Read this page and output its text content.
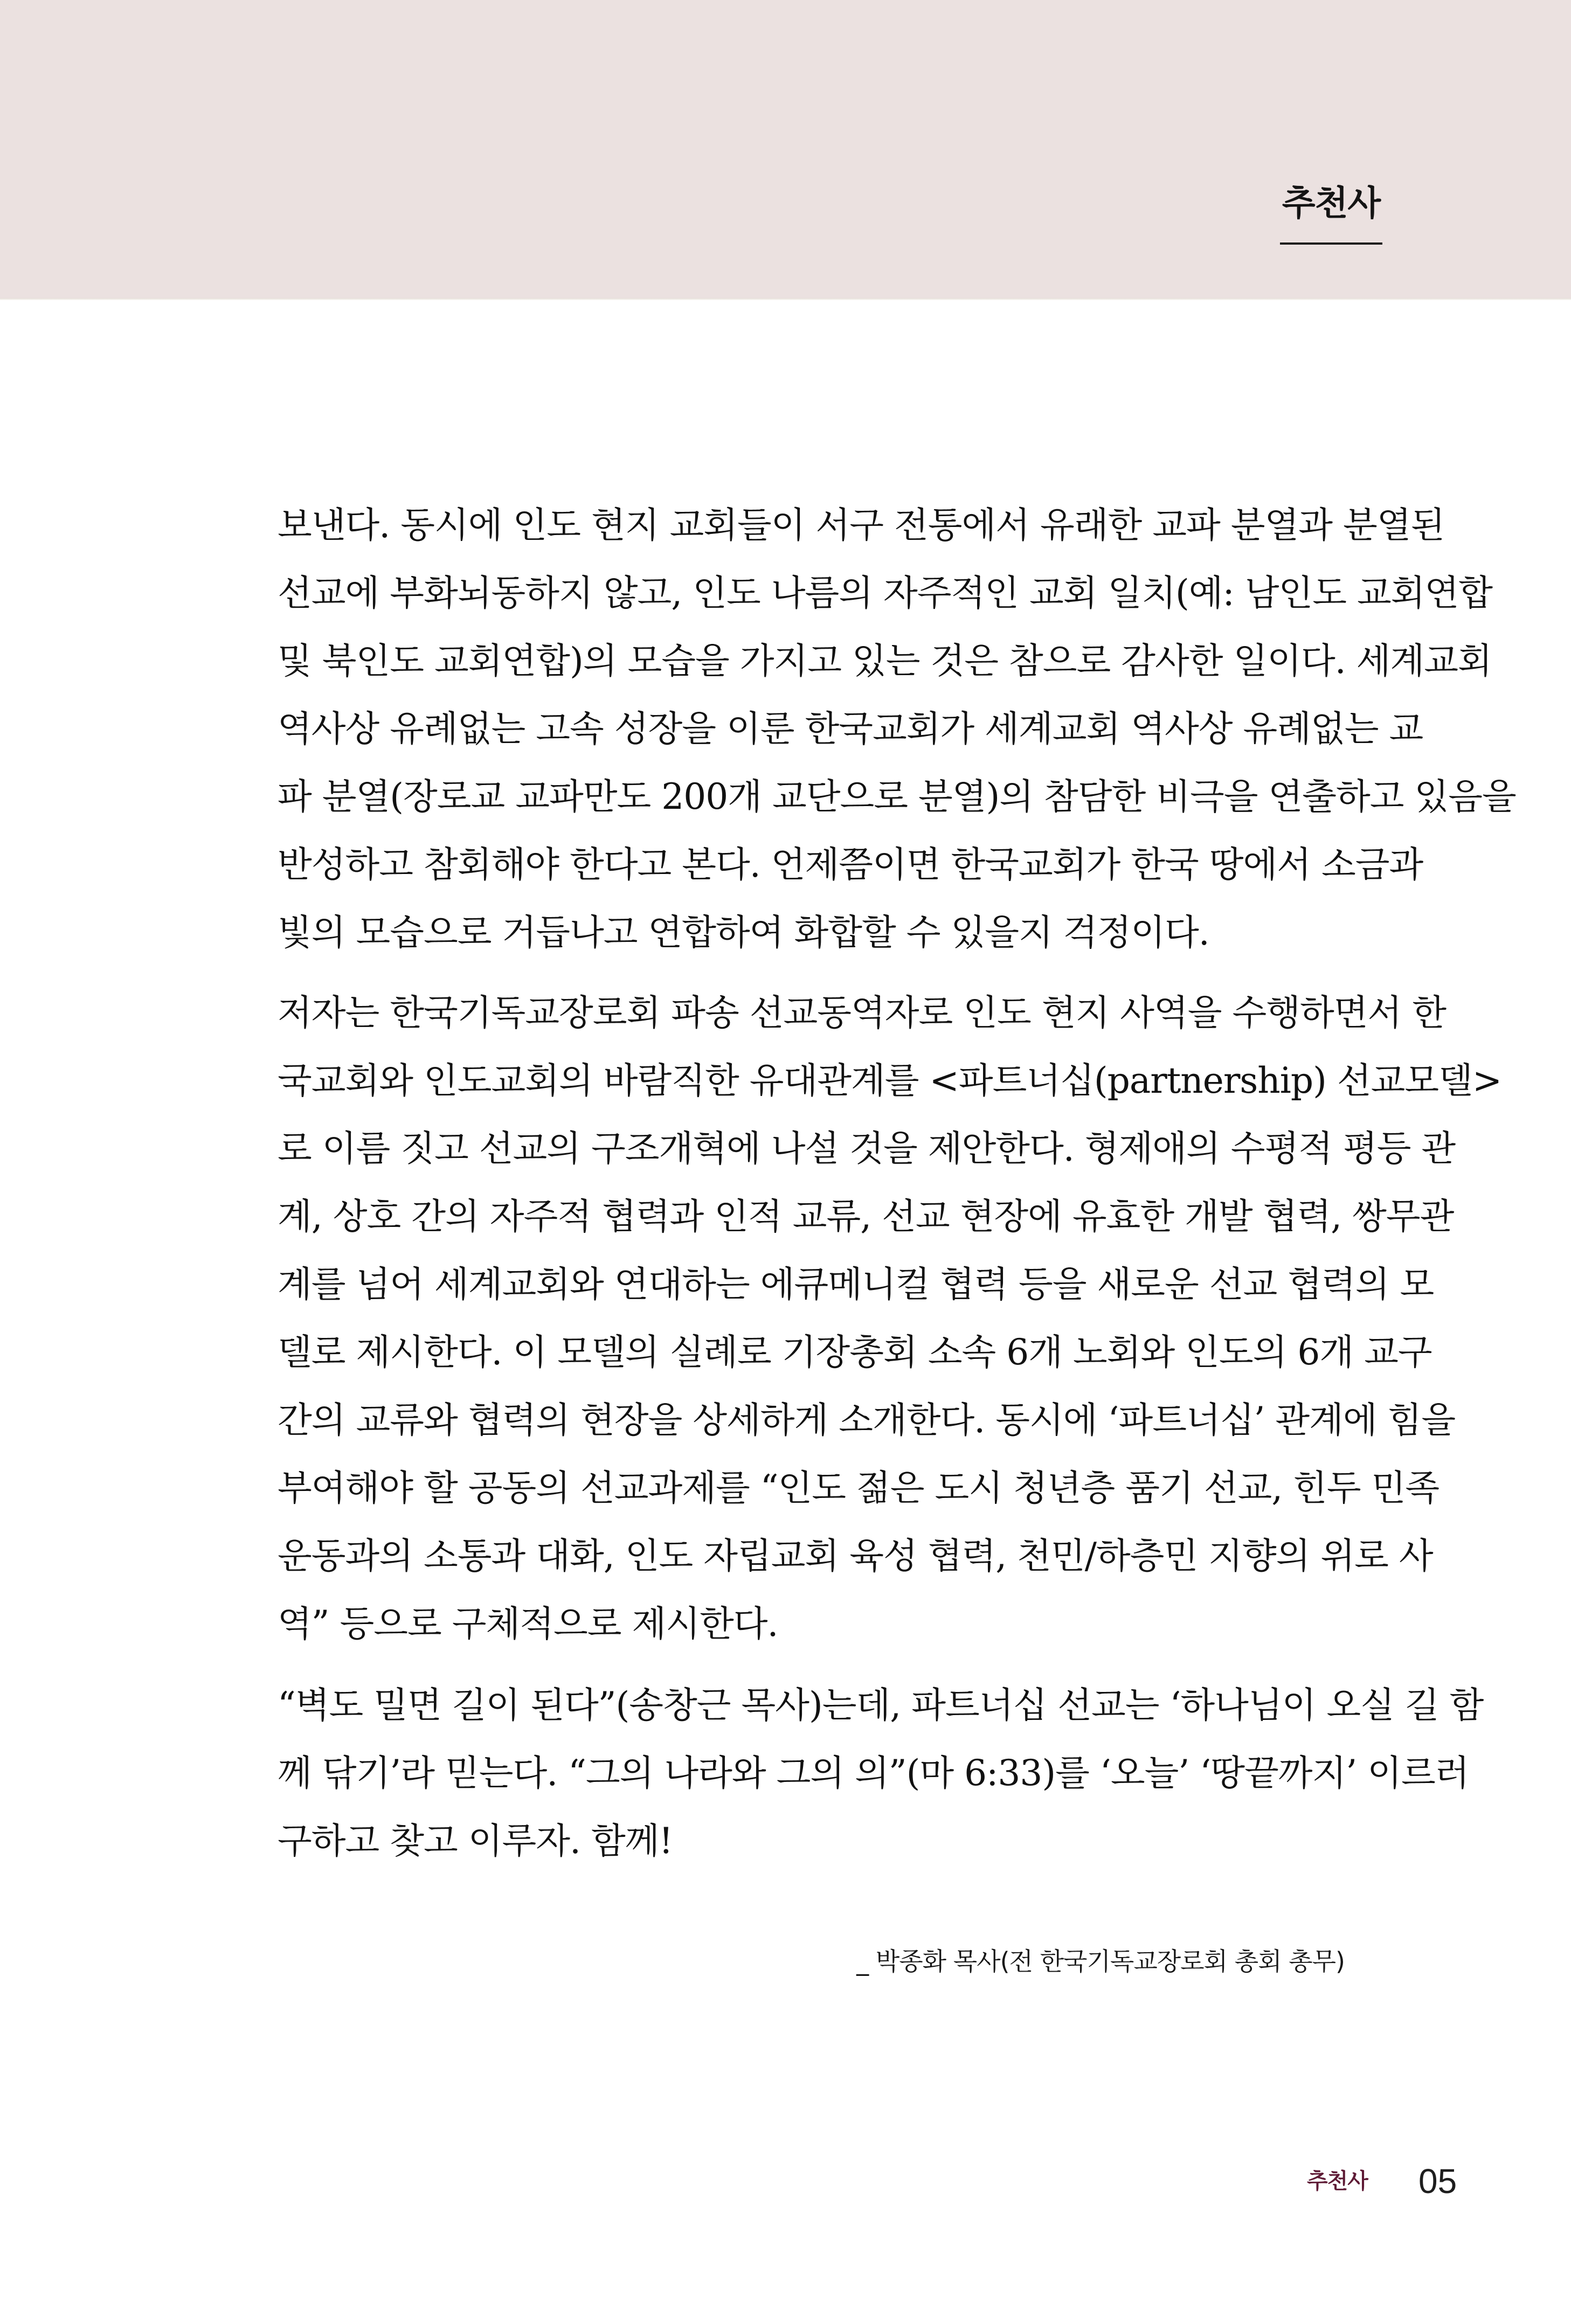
추천사
보낸다. 동시에 인도 현지 교회들이 서구 전통에서 유래한 교파 분열과 분열된
선교에 부화뇌동하지 않고, 인도 나름의 자주적인 교회 일치(예: 남인도 교회연합
및 북인도 교회연합)의 모습을 가지고 있는 것은 참으로 감사한 일이다. 세계교회
역사상 유례없는 고속 성장을 이룬 한국교회가 세계교회 역사상 유례없는 교
파 분열(장로교 교파만도 200개 교단으로 분열)의 참담한 비극을 연출하고 있음을
반성하고 참회해야 한다고 본다. 언제쯤이면 한국교회가 한국 땅에서 소금과
빛의 모습으로 거듭나고 연합하여 화합할 수 있을지 걱정이다.
저자는 한국기독교장로회 파송 선교동역자로 인도 현지 사역을 수행하면서 한
국교회와 인도교회의 바람직한 유대관계를 <파트너십(partnership) 선교모델>
로 이름 짓고 선교의 구조개혁에 나설 것을 제안한다. 형제애의 수평적 평등 관
계, 상호 간의 자주적 협력과 인적 교류, 선교 현장에 유효한 개발 협력, 쌍무관
계를 넘어 세계교회와 연대하는 에큐메니컬 협력 등을 새로운 선교 협력의 모
델로 제시한다. 이 모델의 실례로 기장총회 소속 6개 노회와 인도의 6개 교구
간의 교류와 협력의 현장을 상세하게 소개한다. 동시에 ‘파트너십’ 관계에 힘을
부여해야 할 공동의 선교과제를 “인도 젊은 도시 청년층 품기 선교, 힌두 민족
운동과의 소통과 대화, 인도 자립교회 육성 협력, 천민/하층민 지향의 위로 사
역” 등으로 구체적으로 제시한다.
“벽도 밀면 길이 된다”(송창근 목사)는데, 파트너십 선교는 ‘하나님이 오실 길 함
께 닦기’라 믿는다. “그의 나라와 그의 의”(마 6:33)를 ‘오늘’ ‘땅끝까지’ 이르러
구하고 찾고 이루자. 함께!
_ 박종화 목사(전 한국기독교장로회 총회 총무)
추천사 05
